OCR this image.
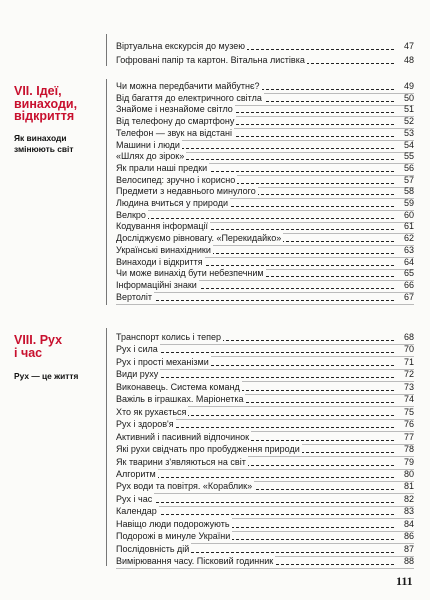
Віртуальна екскурсія до музею	47
Гофровані папір та картон. Вітальна листівка	48
VII. Ідеї,
винаходи,
відкриття
Як винаходи змінюють світ
Чи можна передбачити майбутнє?	49
Від багаття до електричного світла	50
Знайоме і незнайоме світло	51
Від телефону до смартфону	52
Телефон — звук на відстані	53
Машини і люди	54
«Шлях до зірок»	55
Як прали наші предки	56
Велосипед: зручно і корисно	57
Предмети з недавнього минулого	58
Людина вчиться у природи	59
Велкро	60
Кодування інформації	61
Досліджуємо рівновагу. «Перекидайко»	62
Українські винахідники	63
Винаходи і відкриття	64
Чи може винахід бути небезпечним	65
Інформаційні знаки	66
Вертоліт	67
VIII. Рух
і час
Рух — це життя
Транспорт колись і тепер	68
Рух і сила	70
Рух і прості механізми	71
Види руху	72
Виконавець. Система команд	73
Важіль в іграшках. Маріонетка	74
Хто як рухається	75
Рух і здоров'я	76
Активний і пасивний відпочинок	77
Які рухи свідчать про пробудження природи	78
Як тварини з'являються на світ	79
Алгоритм	80
Рух води та повітря. «Кораблик»	81
Рух і час	82
Календар	83
Навіщо люди подорожують	84
Подорожі в минуле України	86
Послідовність дій	87
Вимірювання часу. Пісковий годинник	88
111
